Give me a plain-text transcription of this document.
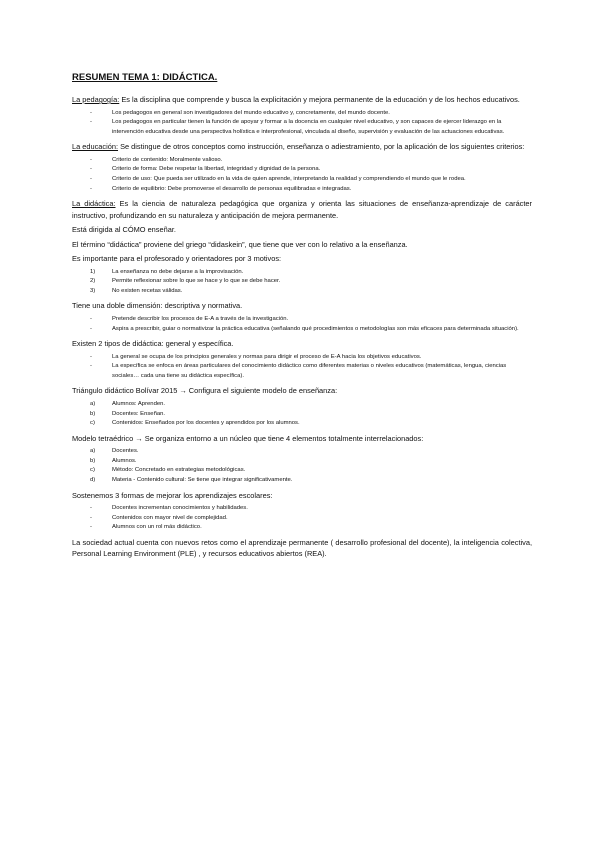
RESUMEN TEMA 1: DIDÁCTICA.
La pedagogía: Es la disciplina que comprende y busca la explicitación y mejora permanente de la educación y de los hechos educativos.
-	Los pedagogos en general son investigadores del mundo educativo y, concretamente, del mundo docente.
-	Los pedagogos en particular tienen la función de apoyar y formar a la docencia en cualquier nivel educativo, y son capaces de ejercer liderazgo en la intervención educativa desde una perspectiva holística e interprofesional, vinculada al diseño, supervisión y evaluación de las actuaciones educativas.
La educación: Se distingue de otros conceptos como instrucción, enseñanza o adiestramiento, por la aplicación de los siguientes criterios:
-	Criterio de contenido: Moralmente valioso.
-	Criterio de forma: Debe respetar la libertad, integridad y dignidad de la persona.
-	Criterio de uso: Que pueda ser utilizado en la vida de quien aprende, interpretando la realidad y comprendiendo el mundo que le rodea.
-	Criterio de equilibrio: Debe promoverse el desarrollo de personas equilibradas e integradas.
La didáctica: Es la ciencia de naturaleza pedagógica que organiza y orienta las situaciones de enseñanza-aprendizaje de carácter instructivo, profundizando en su naturaleza y anticipación de mejora permanente.
Está dirigida al CÓMO enseñar.
El término “didáctica” proviene del griego “didaskein”, que tiene que ver con lo relativo a la enseñanza.
Es importante para el profesorado y orientadores por 3 motivos:
1)	La enseñanza no debe dejarse a la improvisación.
2)	Permite reflexionar sobre lo que se hace y lo que se debe hacer.
3)	No existen recetas válidas.
Tiene una doble dimensión: descriptiva y normativa.
-	Pretende describir los procesos de E-A a través de la investigación.
-	Aspira a prescribir, guiar o normativizar la práctica educativa (señalando qué procedimientos o metodologías son más eficaces para determinada situación).
Existen 2 tipos de didáctica: general y específica.
-	La general se ocupa de los principios generales y normas para dirigir el proceso de E-A hacia los objetivos educativos.
-	La específica se enfoca en áreas particulares del conocimiento didáctico como diferentes materias o niveles educativos (matemáticas, lengua, ciencias sociales… cada una tiene su didáctica específica).
Triángulo didáctico Bolívar 2015 → Configura el siguiente modelo de enseñanza:
a)	Alumnos: Aprenden.
b)	Docentes: Enseñan.
c)	Contenidos: Enseñados por los docentes y aprendidos por los alumnos.
Modelo tetraédrico → Se organiza entorno a un núcleo que tiene 4 elementos totalmente interrelacionados:
a)	Docentes.
b)	Alumnos.
c)	Método: Concretado en estrategias metodológicas.
d)	Materia - Contenido cultural: Se tiene que integrar significativamente.
Sostenemos 3 formas de mejorar los aprendizajes escolares:
-	Docentes incrementan conocimientos y habilidades.
-	Contenidos con mayor nivel de complejidad.
-	Alumnos con un rol más didáctico.
La sociedad actual cuenta con nuevos retos como el aprendizaje permanente ( desarrollo profesional del docente), la inteligencia colectiva, Personal Learning Environment (PLE) , y recursos educativos abiertos (REA).
